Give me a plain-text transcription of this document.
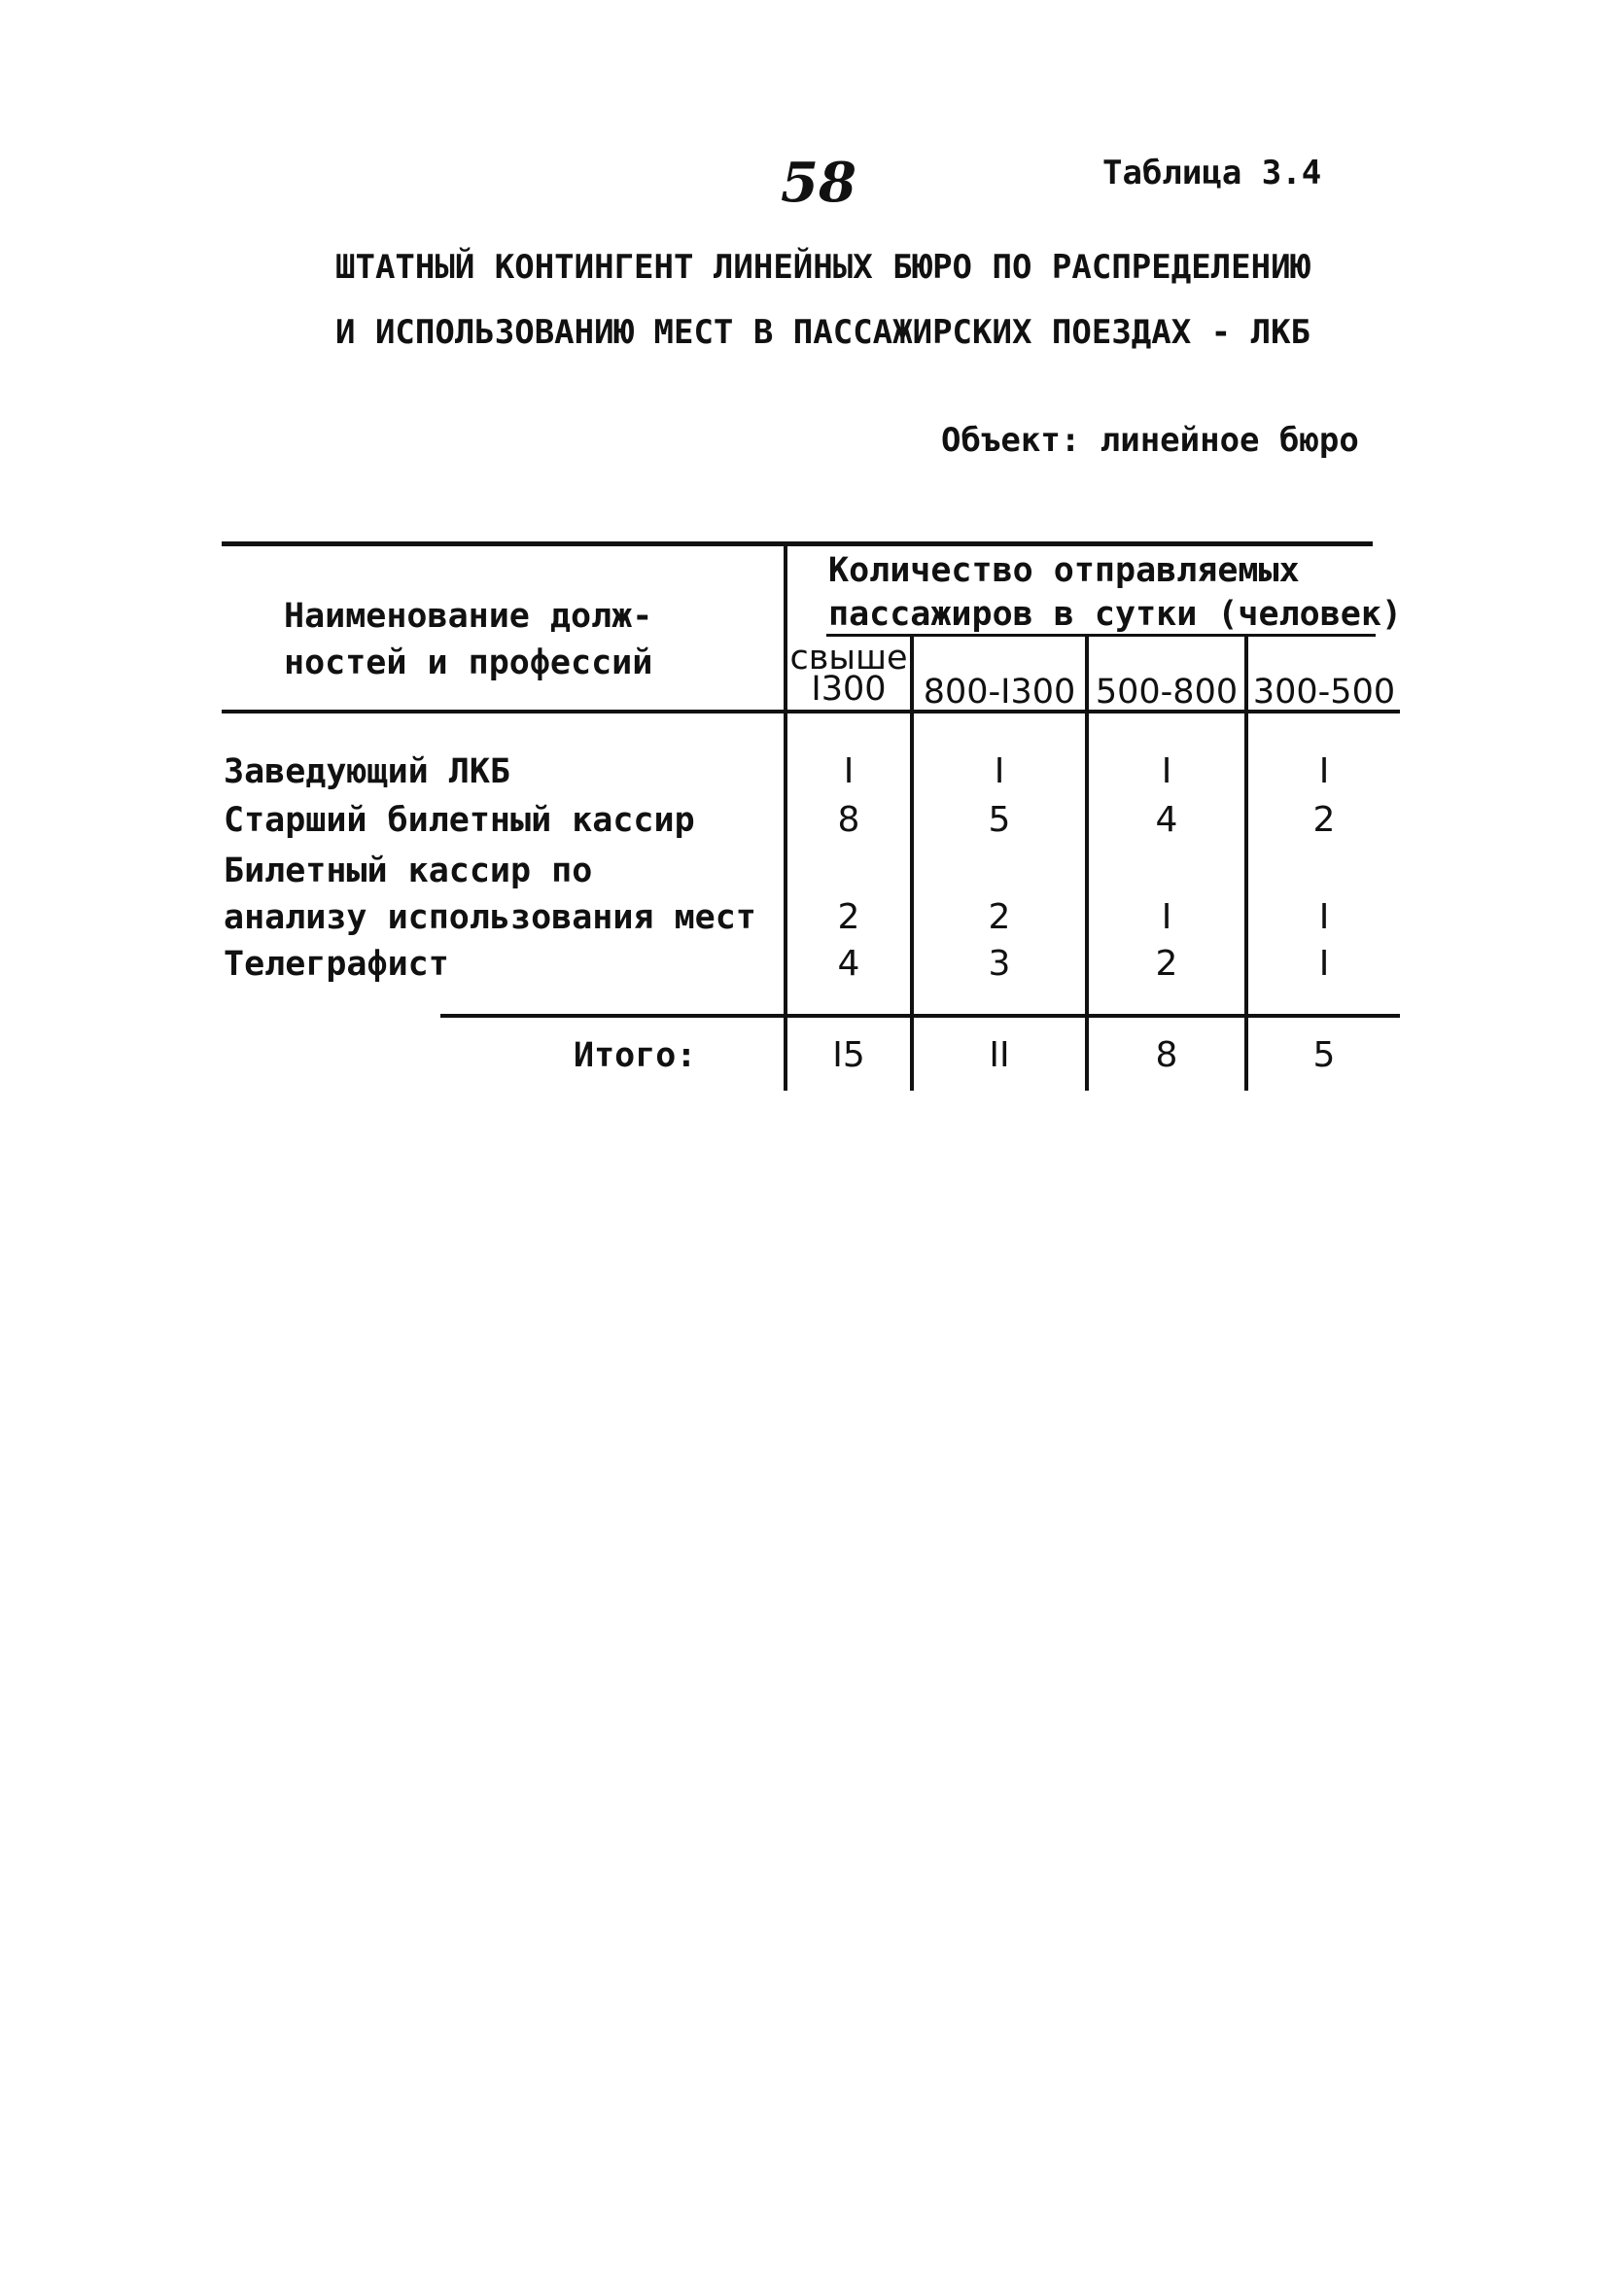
58	Таблица 3.4
ШТАТНЫЙ КОНТИНГЕНТ ЛИНЕЙНЫХ БЮРО ПО РАСПРЕДЕЛЕНИЮ
И ИСПОЛЬЗОВАНИЮ МЕСТ В ПАССАЖИРСКИХ ПОЕЗДАХ - ЛКБ
Объект: линейное бюро
Наименование долж-
ностей и профессий
Количество отправляемых
пассажиров в сутки (человек)
свыше
I300	800-I300 500-800 300-500
Заведующий ЛКБ	I	I	I	I
Старший билетный кассир	8	5	4	2
Билетный кассир по
анализу использования мест	2	2	I	I
Телеграфист	4	3	2	I
Итого:	I5	II	8	5
